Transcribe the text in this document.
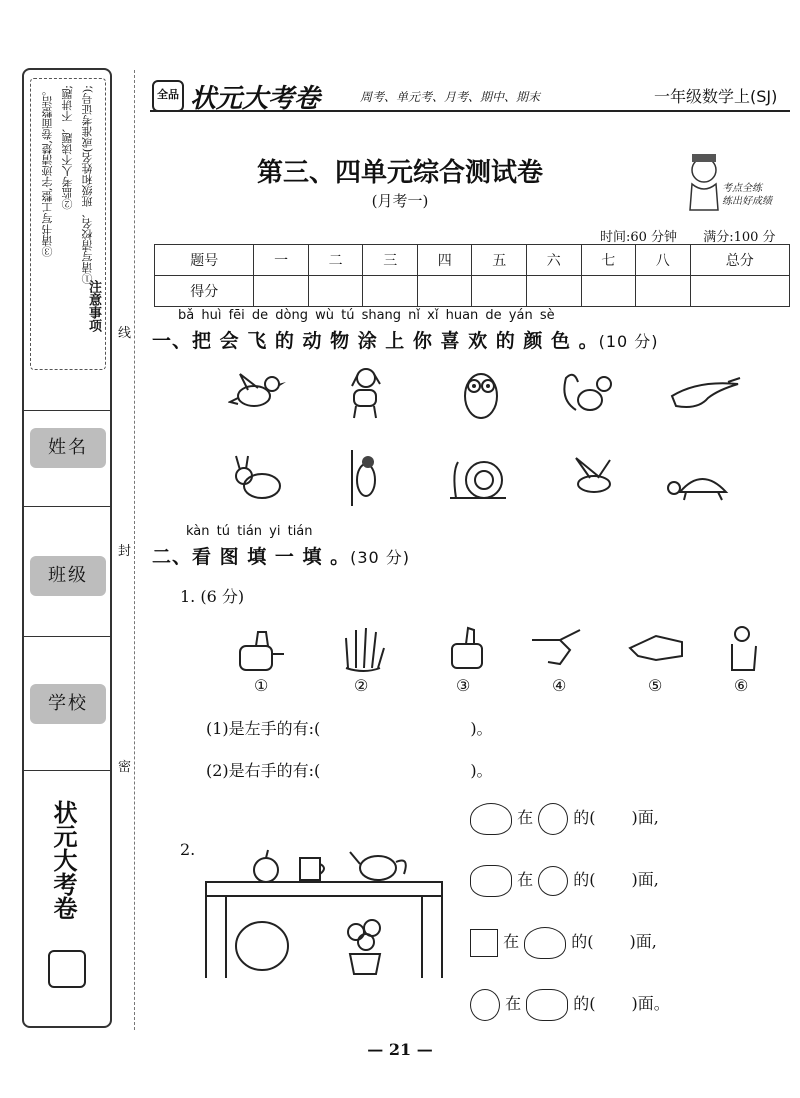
①请写清校名、班级和姓名(或准考证号);
②监考人不读题、不讲题;
③请书写工整,字迹清楚,卷面整洁。
注意事项
姓名
班级
学校
状元大考卷
线
封
密
全品 状元大考卷	周考、单元考、月考、期中、期末	一年级数学上(SJ)
第三、四单元综合测试卷
(月考一)
考点全练
练出好成绩
时间:60 分钟 满分:100 分
题号	一	二	三	四	五	六	七	八	总分
得分									
bǎ huì fēi de dòng wù tú shang nǐ xǐ huan de yán sè
一、把 会 飞 的 动 物 涂 上 你 喜 欢 的 颜 色 。(10 分)
kàn tú tián yi tián
二、看 图 填 一 填 。(30 分)
1. (6 分)
①	②	③	④	⑤	⑥
(1)是左手的有:(	)。
(2)是右手的有:(	)。
2.
在	的( )面,
在	的( )面,
在	的( )面,
在	的( )面。
— 21 —
